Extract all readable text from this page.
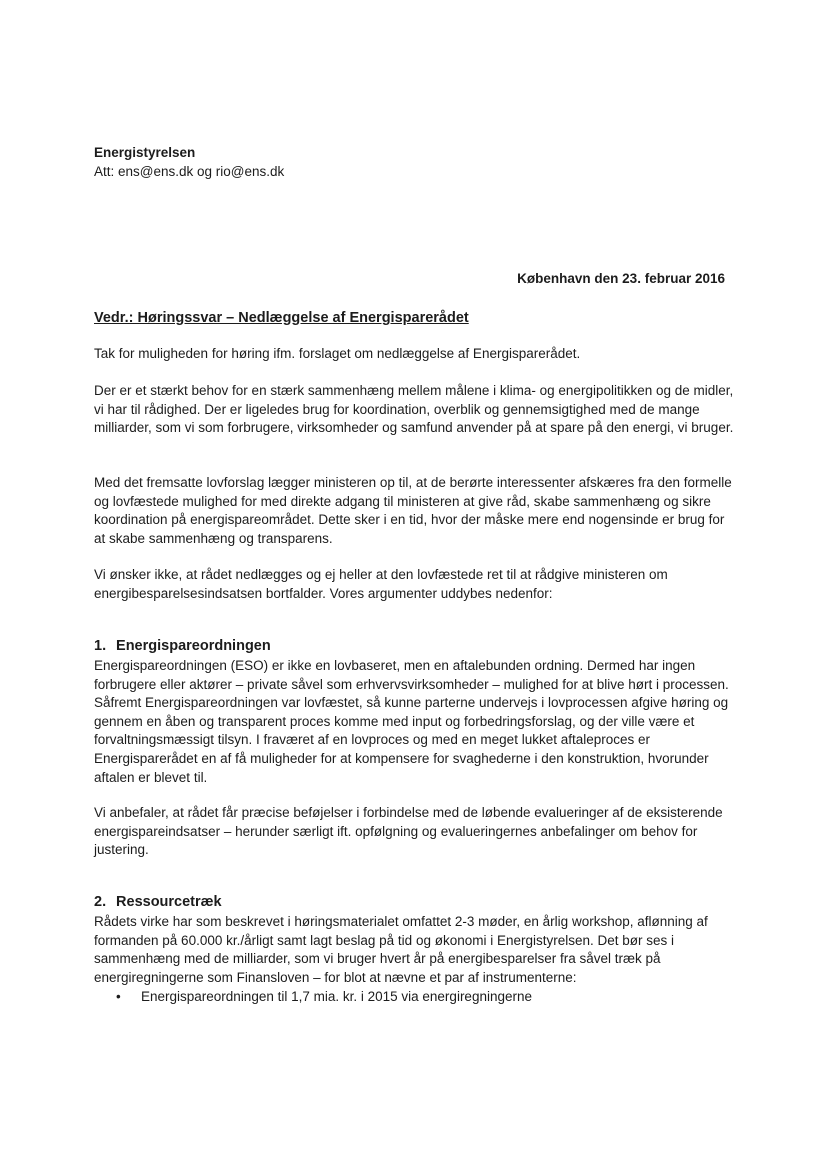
Energistyrelsen
Att: ens@ens.dk og rio@ens.dk
København den 23. februar 2016
Vedr.: Høringssvar – Nedlæggelse af Energisparerådet

Tak for muligheden for høring ifm. forslaget om nedlæggelse af Energisparerådet.

Der er et stærkt behov for en stærk sammenhæng mellem målene i klima- og energipolitikken og de midler, vi har til rådighed. Der er ligeledes brug for koordination, overblik og gennemsigtighed med de mange milliarder, som vi som forbrugere, virksomheder og samfund anvender på at spare på den energi, vi bruger.

Med det fremsatte lovforslag lægger ministeren op til, at de berørte interessenter afskæres fra den formelle og lovfæstede mulighed for med direkte adgang til ministeren at give råd, skabe sammenhæng og sikre koordination på energispareområdet. Dette sker i en tid, hvor der måske mere end nogensinde er brug for at skabe sammenhæng og transparens.

Vi ønsker ikke, at rådet nedlægges og ej heller at den lovfæstede ret til at rådgive ministeren om energibesparelsesindsatsen bortfalder. Vores argumenter uddybes nedenfor:

1. Energispareordningen

Energispareordningen (ESO) er ikke en lovbaseret, men en aftalebunden ordning. Dermed har ingen forbrugere eller aktører – private såvel som erhvervsvirksomheder – mulighed for at blive hørt i processen. Såfremt Energispareordningen var lovfæstet, så kunne parterne undervejs i lovprocessen afgive høring og gennem en åben og transparent proces komme med input og forbedringsforslag, og der ville være et forvaltningsmæssigt tilsyn. I fraværet af en lovproces og med en meget lukket aftaleproces er Energisparerådet en af få muligheder for at kompensere for svaghederne i den konstruktion, hvorunder aftalen er blevet til.

Vi anbefaler, at rådet får præcise beføjelser i forbindelse med de løbende evalueringer af de eksisterende energispareindsatser – herunder særligt ift. opfølgning og evalueringernes anbefalinger om behov for justering.

2. Ressourcetræk

Rådets virke har som beskrevet i høringsmaterialet omfattet 2-3 møder, en årlig workshop, aflønning af formanden på 60.000 kr./årligt samt lagt beslag på tid og økonomi i Energistyrelsen. Det bør ses i sammenhæng med de milliarder, som vi bruger hvert år på energibesparelser fra såvel træk på energiregningerne som Finansloven – for blot at nævne et par af instrumenterne:

• Energispareordningen til 1,7 mia. kr. i 2015 via energiregningerne
